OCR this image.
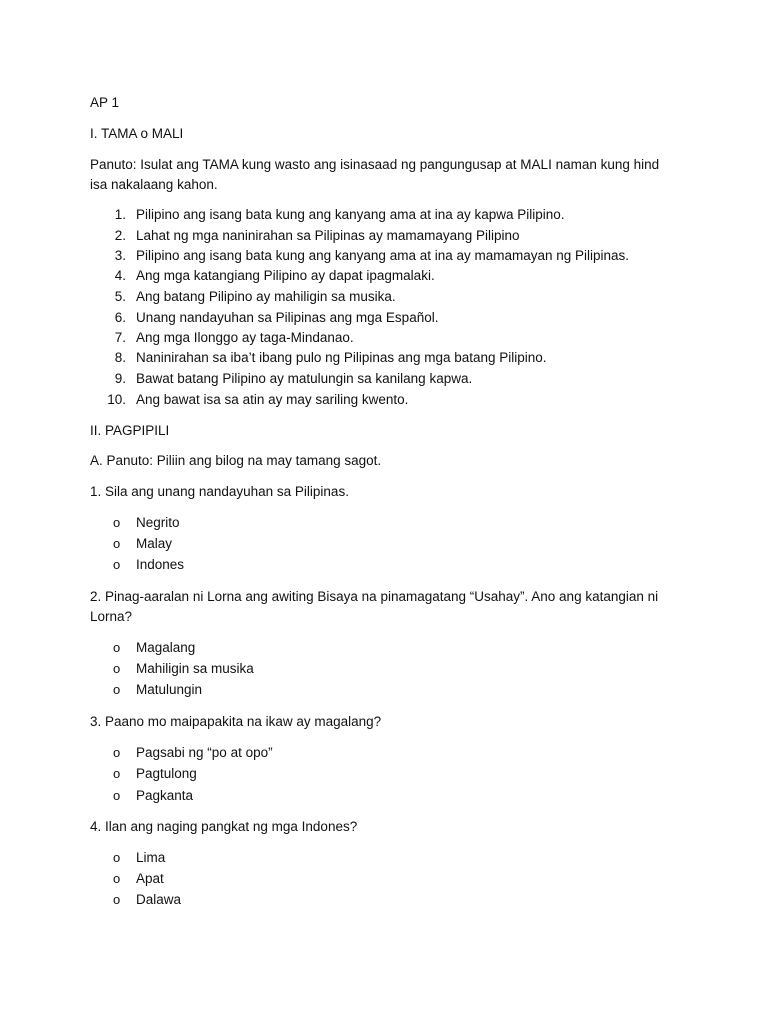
AP 1

I. TAMA o MALI

Panuto: Isulat ang TAMA kung wasto ang isinasaad ng pangungusap at MALI naman kung hind isa nakalaang kahon.

1. Pilipino ang isang bata kung ang kanyang ama at ina ay kapwa Pilipino.
2. Lahat ng mga naninirahan sa Pilipinas ay mamamayang Pilipino
3. Pilipino ang isang bata kung ang kanyang ama at ina ay mamamayan ng Pilipinas.
4. Ang mga katangiang Pilipino ay dapat ipagmalaki.
5. Ang batang Pilipino ay mahiligin sa musika.
6. Unang nandayuhan sa Pilipinas ang mga Español.
7. Ang mga Ilonggo ay taga-Mindanao.
8. Naninirahan sa iba’t ibang pulo ng Pilipinas ang mga batang Pilipino.
9. Bawat batang Pilipino ay matulungin sa kanilang kapwa.
10. Ang bawat isa sa atin ay may sariling kwento.

II. PAGPIPILI

A. Panuto: Piliin ang bilog na may tamang sagot.

1. Sila ang unang nandayuhan sa Pilipinas.

o Negrito
o Malay
o Indones

2. Pinag-aaralan ni Lorna ang awiting Bisaya na pinamagatang “Usahay”. Ano ang katangian ni Lorna?

o Magalang
o Mahiligin sa musika
o Matulungin

3. Paano mo maipapakita na ikaw ay magalang?

o Pagsabi ng “po at opo”
o Pagtulong
o Pagkanta

4. Ilan ang naging pangkat ng mga Indones?

o Lima
o Apat
o Dalawa
